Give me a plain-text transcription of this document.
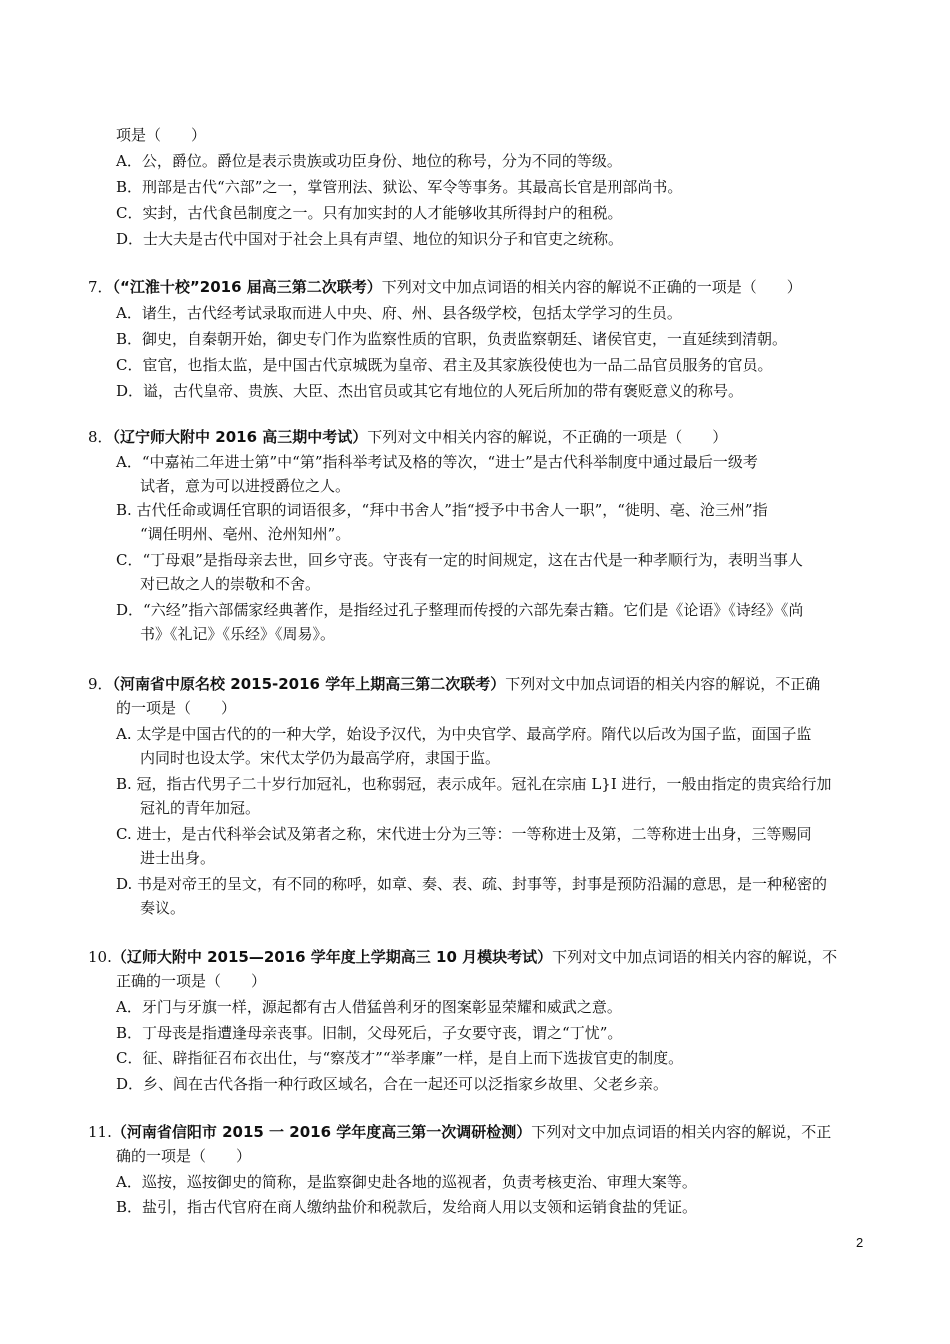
项是（　　）
A．公，爵位。爵位是表示贵族或功臣身份、地位的称号，分为不同的等级。
B．刑部是古代“六部”之一，掌管刑法、狱讼、军令等事务。其最高长官是刑部尚书。
C．实封，古代食邑制度之一。只有加实封的人才能够收其所得封户的租税。
D．士大夫是古代中国对于社会上具有声望、地位的知识分子和官吏之统称。
7．（“江淮十校”2016 届高三第二次联考）下列对文中加点词语的相关内容的解说不正确的一项是（　　）
A．诸生，古代经考试录取而进人中央、府、州、县各级学校，包括太学学习的生员。
B．御史，自秦朝开始，御史专门作为监察性质的官职，负责监察朝廷、诸侯官吏，一直延续到清朝。
C．宦官，也指太监，是中国古代京城既为皇帝、君主及其家族役使也为一品二品官员服务的官员。
D．谥，古代皇帝、贵族、大臣、杰出官员或其它有地位的人死后所加的带有褒贬意义的称号。
8．（辽宁师大附中 2016 高三期中考试）下列对文中相关内容的解说，不正确的一项是（　　）
A．“中嘉祐二年进士第”中“第”指科举考试及格的等次，“进士”是古代科举制度中通过最后一级考
试者，意为可以进授爵位之人。
B. 古代任命或调任官职的词语很多，“拜中书舍人”指“授予中书舍人一职”，“徙明、亳、沧三州”指
“调任明州、亳州、沧州知州”。
C．“丁母艰”是指母亲去世，回乡守丧。守丧有一定的时间规定，这在古代是一种孝顺行为，表明当事人
对已故之人的崇敬和不舍。
D．“六经”指六部儒家经典著作，是指经过孔子整理而传授的六部先秦古籍。它们是《论语》《诗经》《尚
书》《礼记》《乐经》《周易》。
9．（河南省中原名校 2015-2016 学年上期高三第二次联考）下列对文中加点词语的相关内容的解说，不正确
的一项是（　　）
A. 太学是中国古代的的一种大学，始设予汉代，为中央官学、最高学府。隋代以后改为国子监，面国子监
内同时也设太学。宋代太学仍为最高学府，隶国于监。
B. 冠，指古代男子二十岁行加冠礼，也称弱冠，表示成年。冠礼在宗庙 L}I 进行，一般由指定的贵宾给行加
冠礼的青年加冠。
C. 进士，是古代科举会试及第者之称，宋代进士分为三等：一等称进士及第，二等称进士出身，三等赐同
进士出身。
D. 书是对帝王的呈文，有不同的称呼，如章、奏、表、疏、封事等，封事是预防沿漏的意思，是一种秘密的
奏议。
10.（辽师大附中 2015—2016 学年度上学期高三 10 月模块考试）下列对文中加点词语的相关内容的解说，不
正确的一项是（　　）
A．牙门与牙旗一样，源起都有古人借猛兽利牙的图案彰显荣耀和威武之意。
B．丁母丧是指遭逢母亲丧事。旧制，父母死后，子女要守丧，谓之“丁忧”。
C．征、辟指征召布衣出仕，与“察茂才”“举孝廉”一样，是自上而下选拔官吏的制度。
D．乡、闾在古代各指一种行政区域名，合在一起还可以泛指家乡故里、父老乡亲。
11.（河南省信阳市 2015 一 2016 学年度高三第一次调研检测）下列对文中加点词语的相关内容的解说，不正
确的一项是（　　）
A．巡按，巡按御史的简称，是监察御史赴各地的巡视者，负责考核吏治、审理大案等。
B．盐引，指古代官府在商人缴纳盐价和税款后，发给商人用以支领和运销食盐的凭证。
2
